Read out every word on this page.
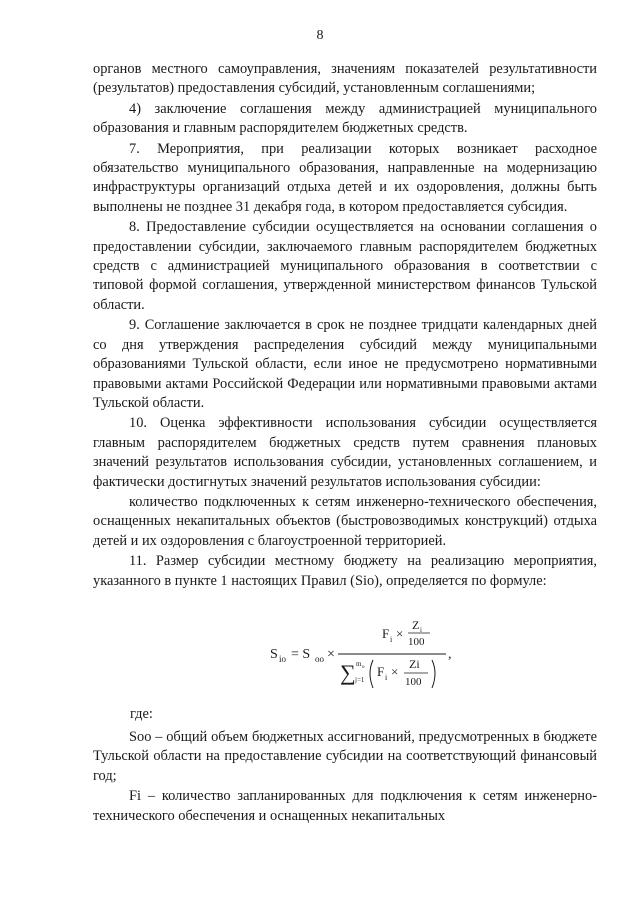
8

органов местного самоуправления, значениям показателей результативности (результатов) предоставления субсидий, установленным соглашениями;

4) заключение соглашения между администрацией муниципального образования и главным распорядителем бюджетных средств.

7. Мероприятия, при реализации которых возникает расходное обязательство муниципального образования, направленные на модернизацию инфраструктуры организаций отдыха детей и их оздоровления, должны быть выполнены не позднее 31 декабря года, в котором предоставляется субсидия.

8. Предоставление субсидии осуществляется на основании соглашения о предоставлении субсидии, заключаемого главным распорядителем бюджетных средств с администрацией муниципального образования в соответствии с типовой формой соглашения, утвержденной министерством финансов Тульской области.

9. Соглашение заключается в срок не позднее тридцати календарных дней со дня утверждения распределения субсидий между муниципальными образованиями Тульской области, если иное не предусмотрено нормативными правовыми актами Российской Федерации или нормативными правовыми актами Тульской области.

10. Оценка эффективности использования субсидии осуществляется главным распорядителем бюджетных средств путем сравнения плановых значений результатов использования субсидии, установленных соглашением, и фактически достигнутых значений результатов использования субсидии:

количество подключенных к сетям инженерно-технического обеспечения, оснащенных некапитальных объектов (быстровозводимых конструкций) отдыха детей и их оздоровления с благоустроенной территорией.

11. Размер субсидии местному бюджету на реализацию мероприятия, указанного в пункте 1 настоящих Правил (Sio), определяется по формуле:

S io = S oo ×
F i ×
Z i
100
∑ m o
j=1
F i × Zi
100
,
где:

Soo – общий объем бюджетных ассигнований, предусмотренных в бюджете Тульской области на предоставление субсидии на соответствующий финансовый год;

Fi – количество запланированных для подключения к сетям инженерно-технического обеспечения и оснащенных некапитальных
